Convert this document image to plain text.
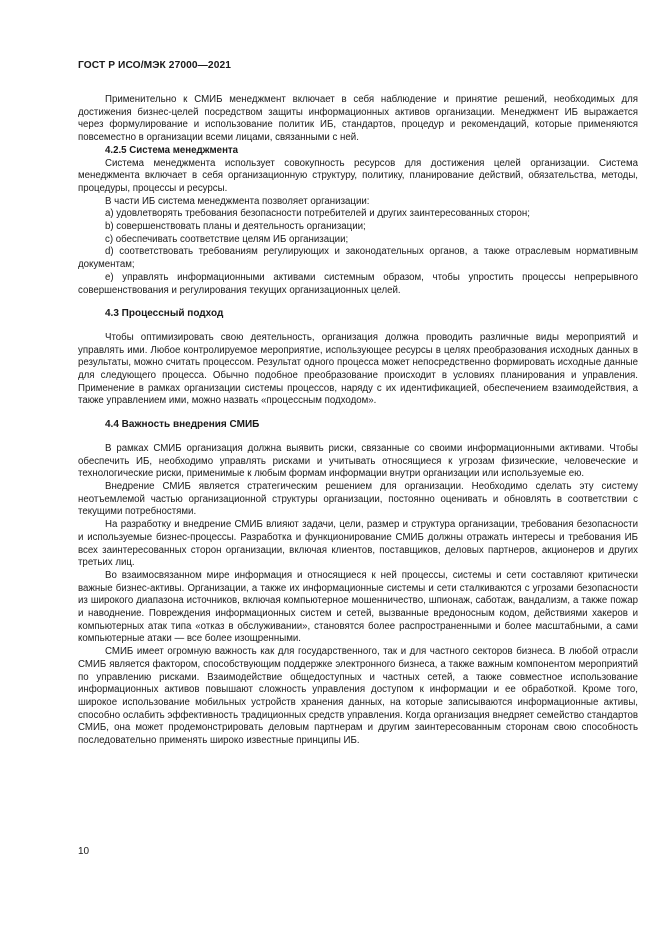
ГОСТ Р ИСО/МЭК 27000—2021

Применительно к СМИБ менеджмент включает в себя наблюдение и принятие решений, необходимых для достижения бизнес-целей посредством защиты информационных активов организации. Менеджмент ИБ выражается через формулирование и использование политик ИБ, стандартов, процедур и рекомендаций, которые применяются повсеместно в организации всеми лицами, связанными с ней.

4.2.5 Система менеджмента

Система менеджмента использует совокупность ресурсов для достижения целей организации. Система менеджмента включает в себя организационную структуру, политику, планирование действий, обязательства, методы, процедуры, процессы и ресурсы.

В части ИБ система менеджмента позволяет организации:

a) удовлетворять требования безопасности потребителей и других заинтересованных сторон;

b) совершенствовать планы и деятельность организации;

c) обеспечивать соответствие целям ИБ организации;

d) соответствовать требованиям регулирующих и законодательных органов, а также отраслевым нормативным документам;

e) управлять информационными активами системным образом, чтобы упростить процессы непрерывного совершенствования и регулирования текущих организационных целей.

4.3 Процессный подход

Чтобы оптимизировать свою деятельность, организация должна проводить различные виды мероприятий и управлять ими. Любое контролируемое мероприятие, использующее ресурсы в целях преобразования исходных данных в результаты, можно считать процессом. Результат одного процесса может непосредственно формировать исходные данные для следующего процесса. Обычно подобное преобразование происходит в условиях планирования и управления. Применение в рамках организации системы процессов, наряду с их идентификацией, обеспечением взаимодействия, а также управлением ими, можно назвать «процессным подходом».

4.4 Важность внедрения СМИБ

В рамках СМИБ организация должна выявить риски, связанные со своими информационными активами. Чтобы обеспечить ИБ, необходимо управлять рисками и учитывать относящиеся к угрозам физические, человеческие и технологические риски, применимые к любым формам информации внутри организации или используемые ею.

Внедрение СМИБ является стратегическим решением для организации. Необходимо сделать эту систему неотъемлемой частью организационной структуры организации, постоянно оценивать и обновлять в соответствии с текущими потребностями.

На разработку и внедрение СМИБ влияют задачи, цели, размер и структура организации, требования безопасности и используемые бизнес-процессы. Разработка и функционирование СМИБ должны отражать интересы и требования ИБ всех заинтересованных сторон организации, включая клиентов, поставщиков, деловых партнеров, акционеров и других третьих лиц.

Во взаимосвязанном мире информация и относящиеся к ней процессы, системы и сети составляют критически важные бизнес-активы. Организации, а также их информационные системы и сети сталкиваются с угрозами безопасности из широкого диапазона источников, включая компьютерное мошенничество, шпионаж, саботаж, вандализм, а также пожар и наводнение. Повреждения информационных систем и сетей, вызванные вредоносным кодом, действиями хакеров и компьютерных атак типа «отказ в обслуживании», становятся более распространенными и более масштабными, а сами компьютерные атаки — все более изощренными.

СМИБ имеет огромную важность как для государственного, так и для частного секторов бизнеса. В любой отрасли СМИБ является фактором, способствующим поддержке электронного бизнеса, а также важным компонентом мероприятий по управлению рисками. Взаимодействие общедоступных и частных сетей, а также совместное использование информационных активов повышают сложность управления доступом к информации и ее обработкой. Кроме того, широкое использование мобильных устройств хранения данных, на которые записываются информационные активы, способно ослабить эффективность традиционных средств управления. Когда организация внедряет семейство стандартов СМИБ, она может продемонстрировать деловым партнерам и другим заинтересованным сторонам свою способность последовательно применять широко известные принципы ИБ.

10
